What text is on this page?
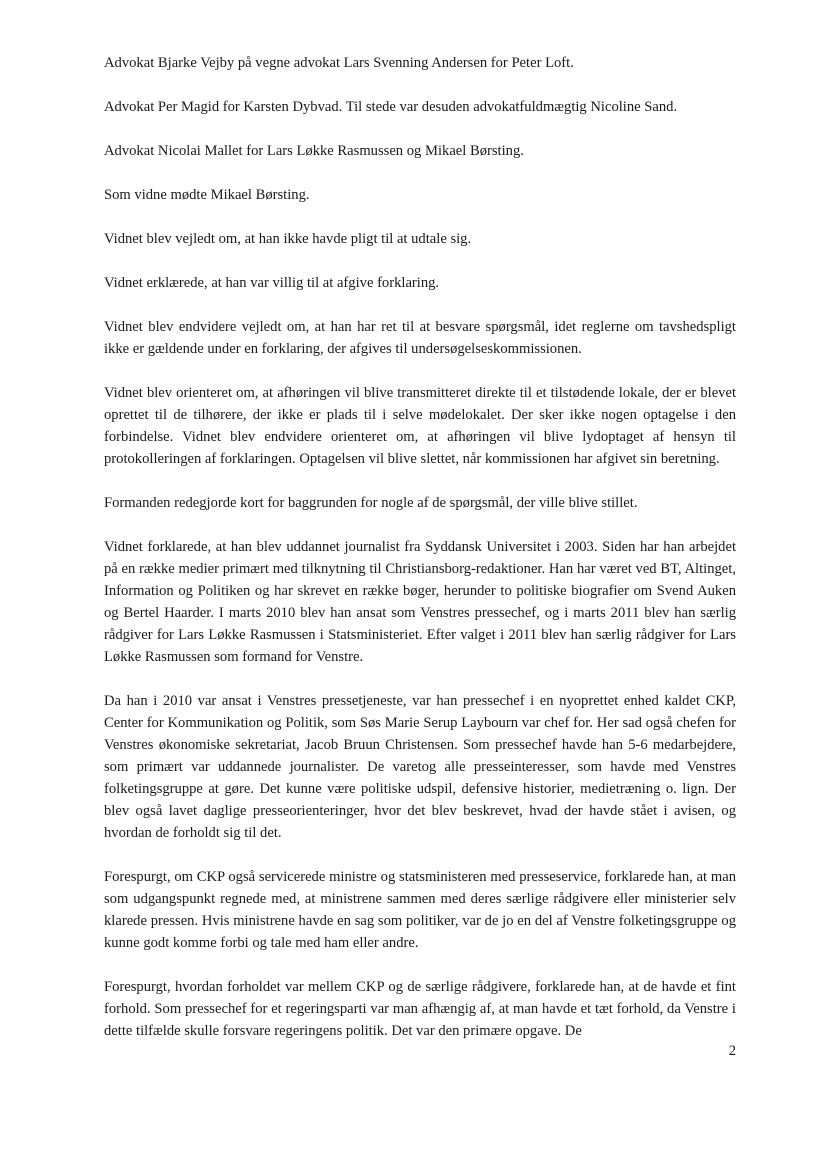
Advokat Bjarke Vejby på vegne advokat Lars Svenning Andersen for Peter Loft.

Advokat Per Magid for Karsten Dybvad. Til stede var desuden advokatfuldmægtig Nicoline Sand.

Advokat Nicolai Mallet for Lars Løkke Rasmussen og Mikael Børsting.

Som vidne mødte Mikael Børsting.

Vidnet blev vejledt om, at han ikke havde pligt til at udtale sig.

Vidnet erklærede, at han var villig til at afgive forklaring.

Vidnet blev endvidere vejledt om, at han har ret til at besvare spørgsmål, idet reglerne om tavshedspligt ikke er gældende under en forklaring, der afgives til undersøgelseskommissionen.

Vidnet blev orienteret om, at afhøringen vil blive transmitteret direkte til et tilstødende lokale, der er blevet oprettet til de tilhørere, der ikke er plads til i selve mødelokalet. Der sker ikke nogen optagelse i den forbindelse. Vidnet blev endvidere orienteret om, at afhøringen vil blive lydoptaget af hensyn til protokolleringen af forklaringen. Optagelsen vil blive slettet, når kommissionen har afgivet sin beretning.

Formanden redegjorde kort for baggrunden for nogle af de spørgsmål, der ville blive stillet.

Vidnet forklarede, at han blev uddannet journalist fra Syddansk Universitet i 2003. Siden har han arbejdet på en række medier primært med tilknytning til Christiansborg-redaktioner. Han har været ved BT, Altinget, Information og Politiken og har skrevet en række bøger, herunder to politiske biografier om Svend Auken og Bertel Haarder. I marts 2010 blev han ansat som Venstres pressechef, og i marts 2011 blev han særlig rådgiver for Lars Løkke Rasmussen i Statsministeriet. Efter valget i 2011 blev han særlig rådgiver for Lars Løkke Rasmussen som formand for Venstre.

Da han i 2010 var ansat i Venstres pressetjeneste, var han pressechef i en nyoprettet enhed kaldet CKP, Center for Kommunikation og Politik, som Søs Marie Serup Laybourn var chef for. Her sad også chefen for Venstres økonomiske sekretariat, Jacob Bruun Christensen. Som pressechef havde han 5-6 medarbejdere, som primært var uddannede journalister. De varetog alle presseinteresser, som havde med Venstres folketingsgruppe at gøre. Det kunne være politiske udspil, defensive historier, medietræning o. lign. Der blev også lavet daglige presseorienteringer, hvor det blev beskrevet, hvad der havde stået i avisen, og hvordan de forholdt sig til det.

Forespurgt, om CKP også servicerede ministre og statsministeren med presseservice, forklarede han, at man som udgangspunkt regnede med, at ministrene sammen med deres særlige rådgivere eller ministerier selv klarede pressen. Hvis ministrene havde en sag som politiker, var de jo en del af Venstre folketingsgruppe og kunne godt komme forbi og tale med ham eller andre.

Forespurgt, hvordan forholdet var mellem CKP og de særlige rådgivere, forklarede han, at de havde et fint forhold. Som pressechef for et regeringsparti var man afhængig af, at man havde et tæt forhold, da Venstre i dette tilfælde skulle forsvare regeringens politik. Det var den primære opgave. De

2
